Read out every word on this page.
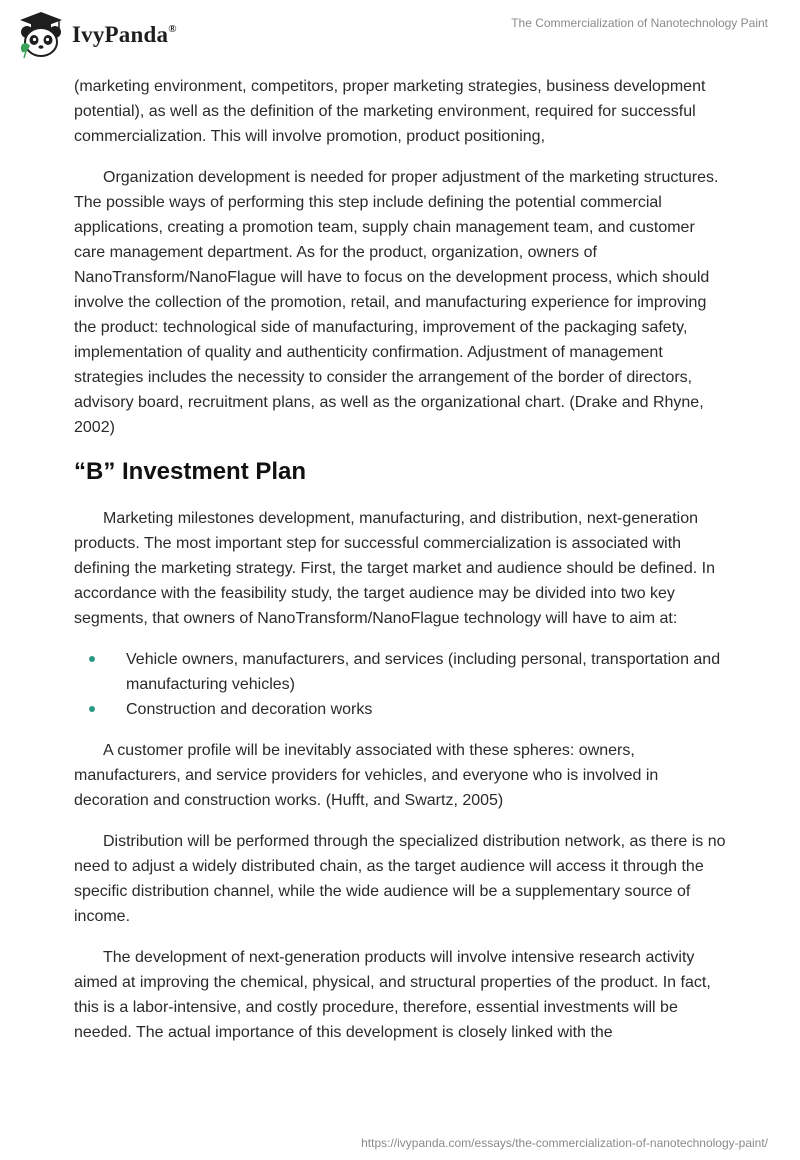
IvyPanda®	The Commercialization of Nanotechnology Paint

(marketing environment, competitors, proper marketing strategies, business development potential), as well as the definition of the marketing environment, required for successful commercialization. This will involve promotion, product positioning,

Organization development is needed for proper adjustment of the marketing structures. The possible ways of performing this step include defining the potential commercial applications, creating a promotion team, supply chain management team, and customer care management department. As for the product, organization, owners of NanoTransform/NanoFlague will have to focus on the development process, which should involve the collection of the promotion, retail, and manufacturing experience for improving the product: technological side of manufacturing, improvement of the packaging safety, implementation of quality and authenticity confirmation. Adjustment of management strategies includes the necessity to consider the arrangement of the border of directors, advisory board, recruitment plans, as well as the organizational chart. (Drake and Rhyne, 2002)

“B” Investment Plan

Marketing milestones development, manufacturing, and distribution, next-generation products. The most important step for successful commercialization is associated with defining the marketing strategy. First, the target market and audience should be defined. In accordance with the feasibility study, the target audience may be divided into two key segments, that owners of NanoTransform/NanoFlague technology will have to aim at:

Vehicle owners, manufacturers, and services (including personal, transportation and manufacturing vehicles)
Construction and decoration works

A customer profile will be inevitably associated with these spheres: owners, manufacturers, and service providers for vehicles, and everyone who is involved in decoration and construction works. (Hufft, and Swartz, 2005)

Distribution will be performed through the specialized distribution network, as there is no need to adjust a widely distributed chain, as the target audience will access it through the specific distribution channel, while the wide audience will be a supplementary source of income.

The development of next-generation products will involve intensive research activity aimed at improving the chemical, physical, and structural properties of the product. In fact, this is a labor-intensive, and costly procedure, therefore, essential investments will be needed. The actual importance of this development is closely linked with the

https://ivypanda.com/essays/the-commercialization-of-nanotechnology-paint/
